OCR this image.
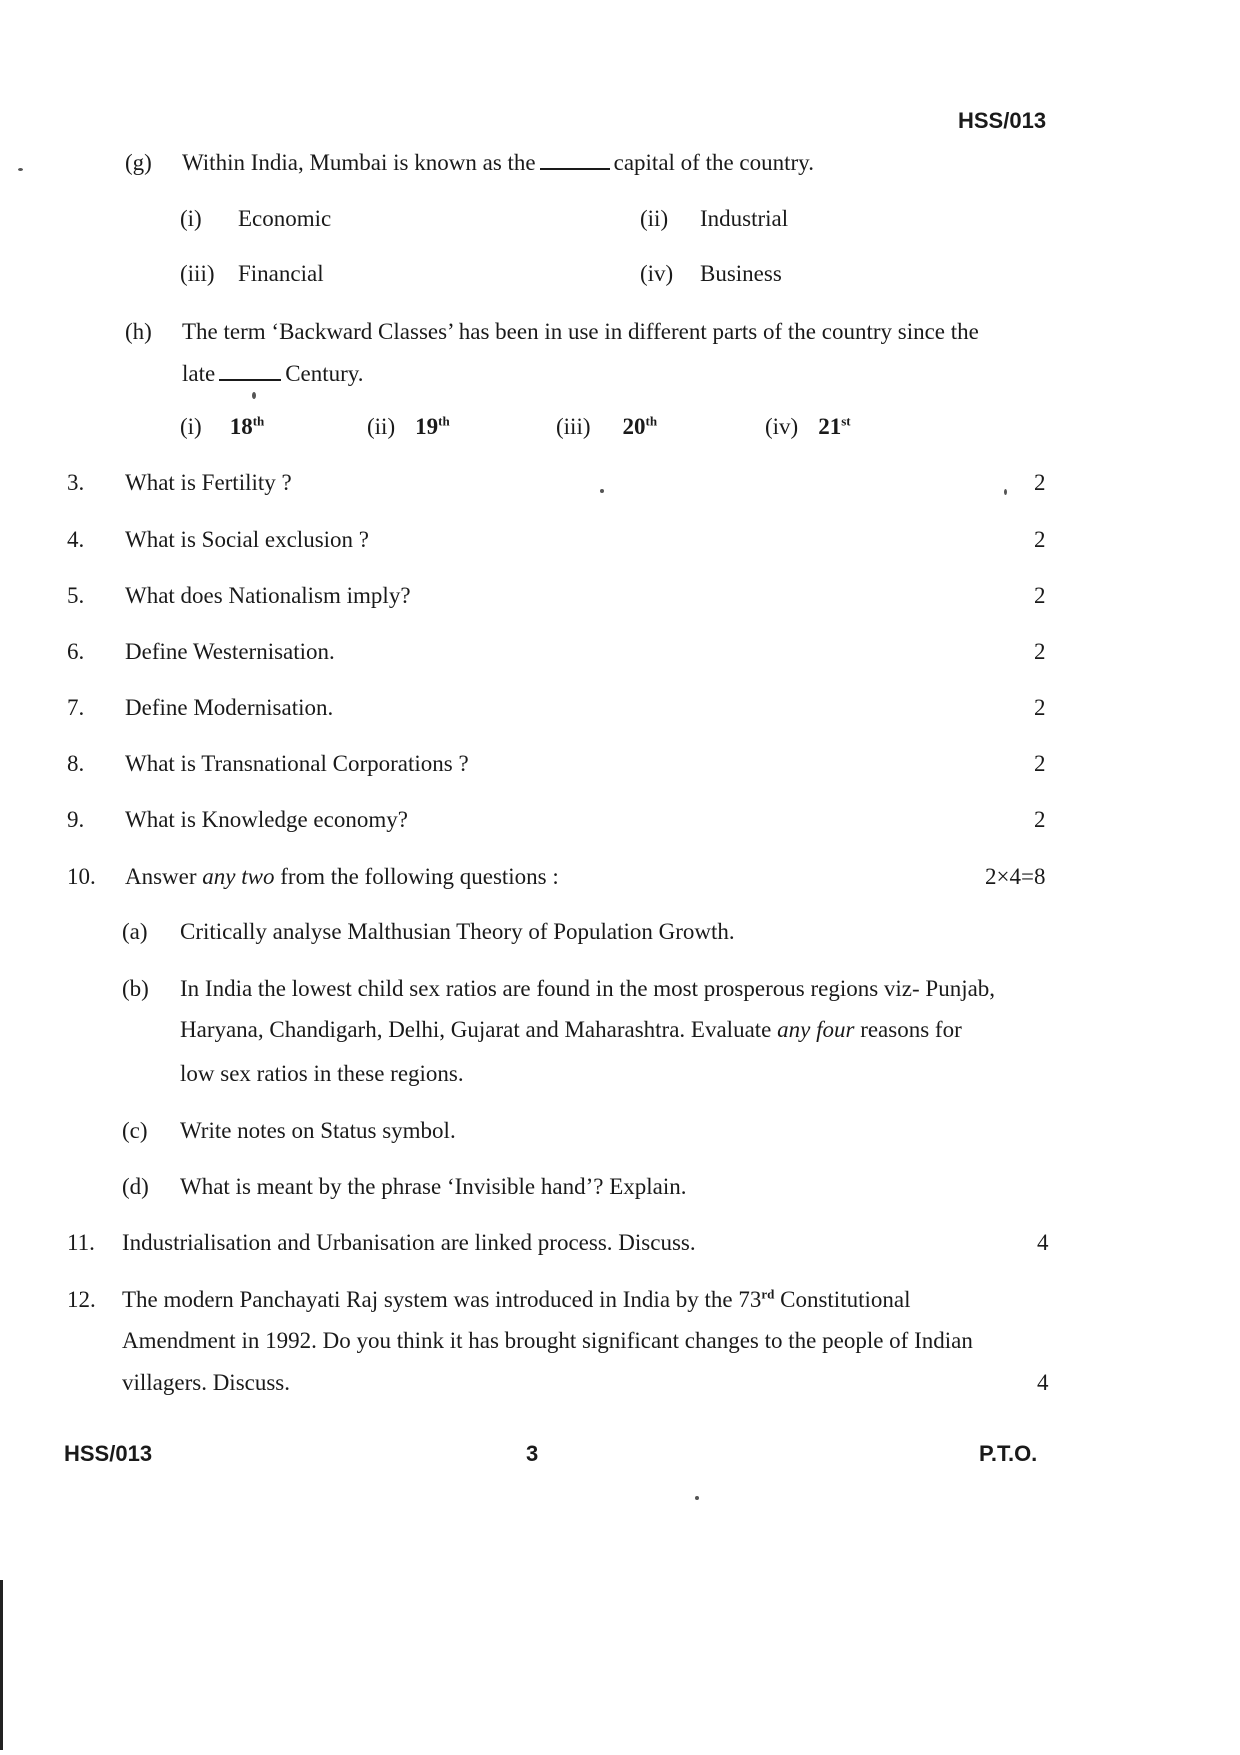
HSS/013
(g) Within India, Mumbai is known as the	capital of the country.
(i) Economic	(ii) Industrial
(iii) Financial	(iv) Business
(h) The term ‘Backward Classes’ has been in use in different parts of the country since the
late	Century.
(i) 18th	(ii) 19th	(iii) 20th	(iv) 21st
3. What is Fertility ?	2
4. What is Social exclusion ?	2
5. What does Nationalism imply?	2
6. Define Westernisation.	2
7. Define Modernisation.	2
8. What is Transnational Corporations ?	2
9. What is Knowledge economy?	2
10. Answer any two from the following questions :	2×4=8
(a) Critically analyse Malthusian Theory of Population Growth.
(b) In India the lowest child sex ratios are found in the most prosperous regions viz- Punjab,
Haryana, Chandigarh, Delhi, Gujarat and Maharashtra. Evaluate any four reasons for
low sex ratios in these regions.
(c) Write notes on Status symbol.
(d) What is meant by the phrase ‘Invisible hand’? Explain.
11. Industrialisation and Urbanisation are linked process. Discuss.	4
12. The modern Panchayati Raj system was introduced in India by the 73rd Constitutional
Amendment in 1992. Do you think it has brought significant changes to the people of Indian
villagers. Discuss.	4
HSS/013	3	P.T.O.
